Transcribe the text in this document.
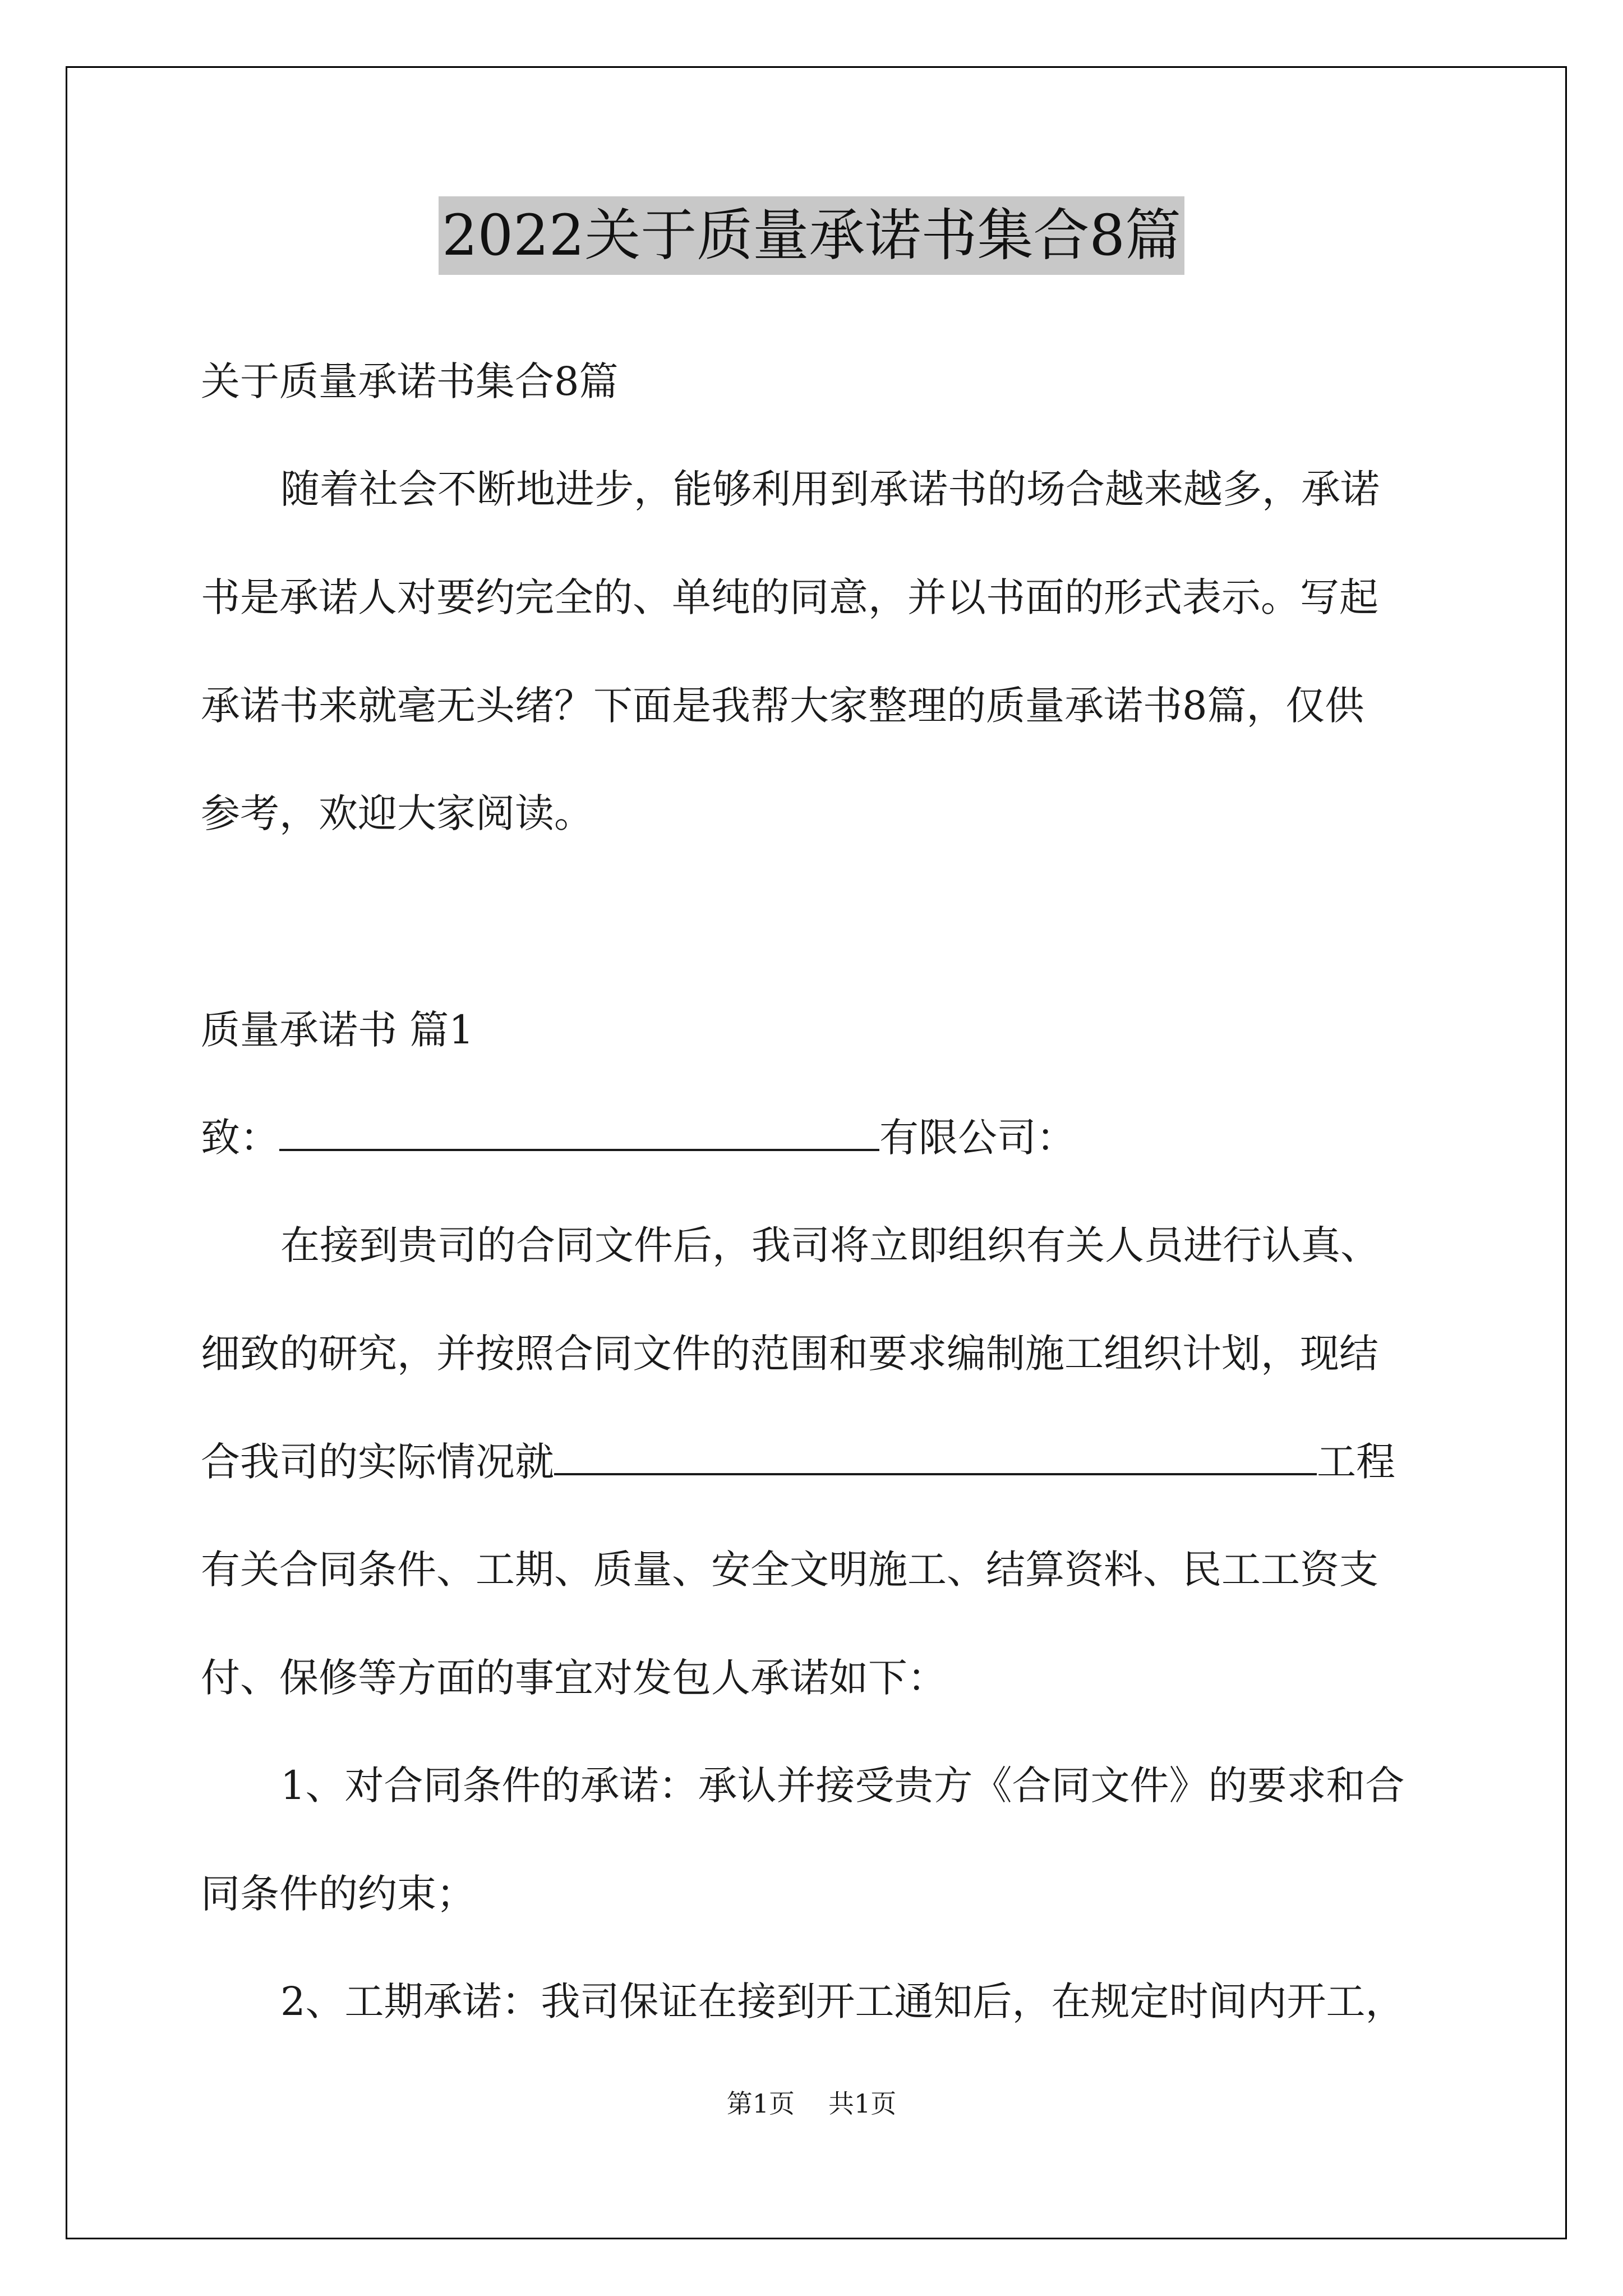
2022关于质量承诺书集合8篇
关于质量承诺书集合8篇
随着社会不断地进步，能够利用到承诺书的场合越来越多，承诺
书是承诺人对要约完全的、单纯的同意，并以书面的形式表示。写起
承诺书来就毫无头绪？下面是我帮大家整理的质量承诺书8篇，仅供
参考，欢迎大家阅读。
质量承诺书 篇1
致：	有限公司：
在接到贵司的合同文件后，我司将立即组织有关人员进行认真、
细致的研究，并按照合同文件的范围和要求编制施工组织计划，现结
合我司的实际情况就	工程
有关合同条件、工期、质量、安全文明施工、结算资料、民工工资支
付、保修等方面的事宜对发包人承诺如下：
1、对合同条件的承诺：承认并接受贵方《合同文件》的要求和合
同条件的约束；
2、工期承诺：我司保证在接到开工通知后，在规定时间内开工，
第1页 共1页
